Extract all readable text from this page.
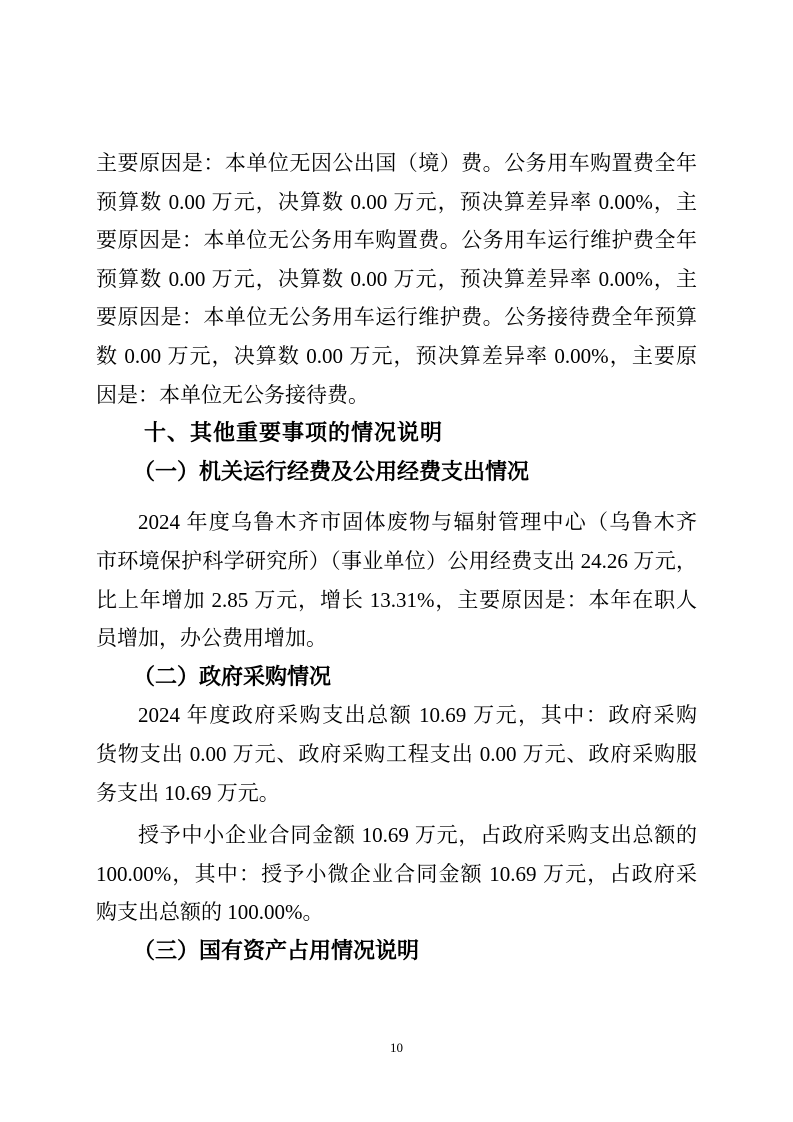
主要原因是：本单位无因公出国（境）费。公务用车购置费全年
预算数 0.00 万元，决算数 0.00 万元，预决算差异率 0.00%，主
要原因是：本单位无公务用车购置费。公务用车运行维护费全年
预算数 0.00 万元，决算数 0.00 万元，预决算差异率 0.00%，主
要原因是：本单位无公务用车运行维护费。公务接待费全年预算
数 0.00 万元，决算数 0.00 万元，预决算差异率 0.00%，主要原
因是：本单位无公务接待费。
十、其他重要事项的情况说明
（一）机关运行经费及公用经费支出情况
2024 年度乌鲁木齐市固体废物与辐射管理中心（乌鲁木齐
市环境保护科学研究所）（事业单位）公用经费支出 24.26 万元，
比上年增加 2.85 万元，增长 13.31%，主要原因是：本年在职人
员增加，办公费用增加。
（二）政府采购情况
2024 年度政府采购支出总额 10.69 万元，其中：政府采购
货物支出 0.00 万元、政府采购工程支出 0.00 万元、政府采购服
务支出 10.69 万元。
授予中小企业合同金额 10.69 万元，占政府采购支出总额的
100.00%，其中：授予小微企业合同金额 10.69 万元，占政府采
购支出总额的 100.00%。
（三）国有资产占用情况说明
10
